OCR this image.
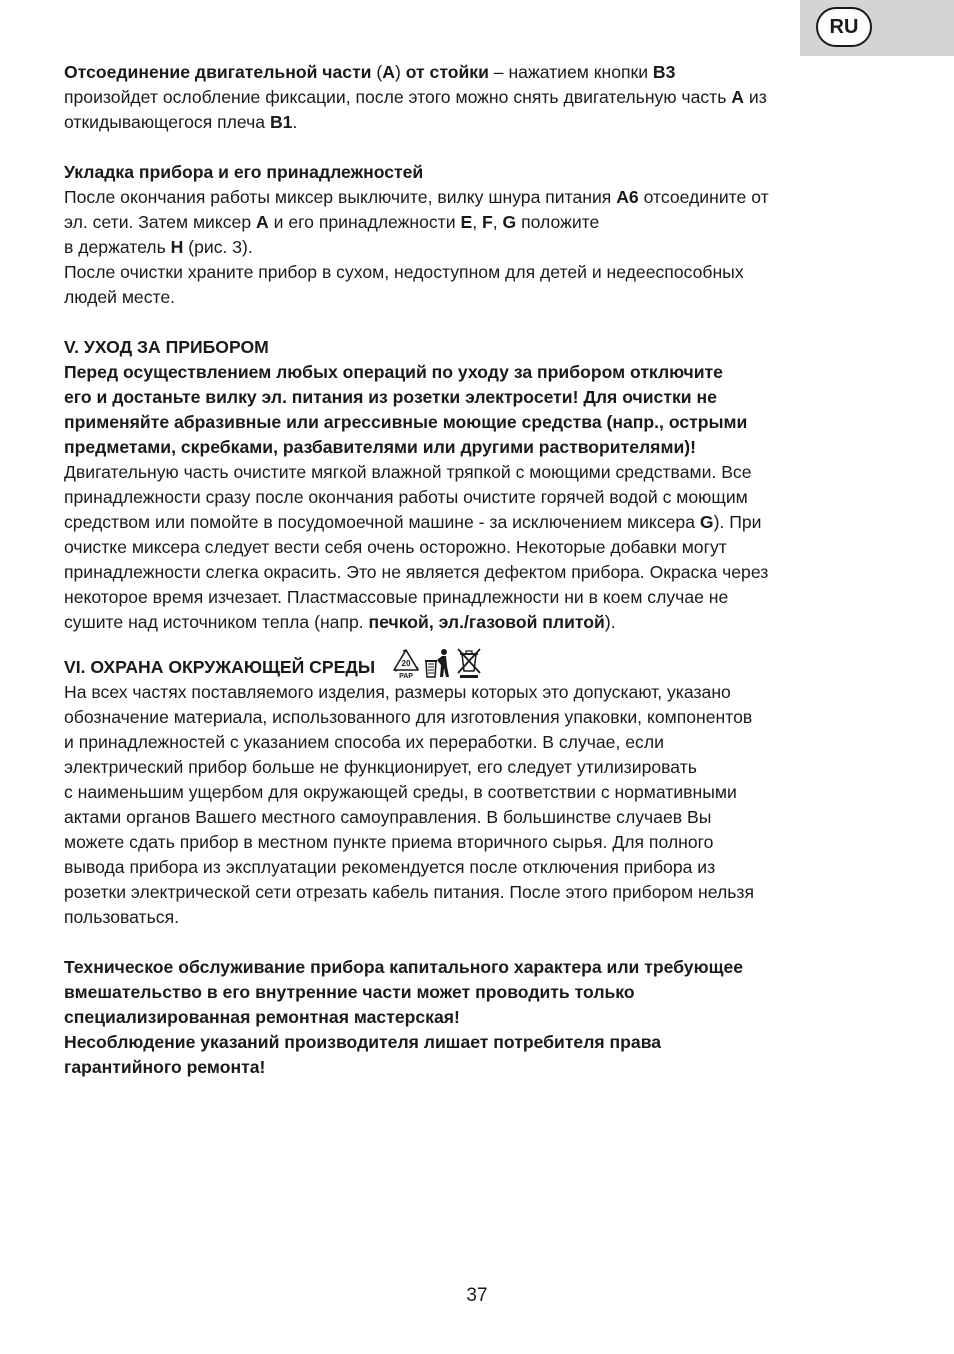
RU

Отсоединение двигательной части (A) от стойки – нажатием кнопки B3

произойдет ослобление фиксации, после этого можно снять двигательную часть A из

откидывающегося плеча B1.

Укладка прибора и его принадлежностей

После окончания работы миксер выключите, вилку шнура питания A6 отсоедините от

эл. сети. Затем миксер A и его принадлежности E, F, G положите

в держатель H (рис. 3).

После очистки храните прибор в сухом, недоступном для детей и недееспособных

людей месте.

V. УХОД ЗА ПРИБОРОМ

Перед осуществлением любых операций по уходу за прибором отключите

его и достаньте вилку эл. питания из розетки электросети! Для очистки не

применяйте абразивные или агрессивные моющие средства (напр., острыми

предметами, скребками, разбавителями или другими растворителями)!

Двигательную часть очистите мягкой влажной тряпкой с моющими средствами. Все

принадлежности сразу после окончания работы очистите горячей водой с моющим

средством или помойте в посудомоечной машине - за исключением миксера G). При

очистке миксера следует вести себя очень осторожно. Некоторые добавки могут

принадлежности слегка окрасить. Это не является дефектом прибора. Окраска через

некоторое время изчезает. Пластмассовые принадлежности ни в коем случае не

сушите над источником тепла (напр. печкой, эл./газовой плитой).

VI. ОХРАНА ОКРУЖАЮЩЕЙ СРЕДЫ	20
PAP

На всех частях поставляемого изделия, размеры которых это допускают, указано

обозначение материала, использованного для изготовления упаковки, компонентов

и принадлежностей с указанием способа их переработки. В случае, если

электрический прибор больше не функционирует, его следует утилизировать

с наименьшим ущербом для окружающей среды, в соответствии с нормативными

актами органов Вашего местного самоуправления. В большинстве случаев Вы

можете сдать прибор в местном пункте приема вторичного сырья. Для полного

вывода прибора из эксплуатации рекомендуется после отключения прибора из

розетки электрической сети отрезать кабель питания. После этого прибором нельзя

пользоваться.

Техническое обслуживание прибора капитального характера или требующее

вмешательство в его внутренние части может проводить только

специализированная ремонтная мастерская!

Несоблюдение указаний производителя лишает потребителя права

гарантийного ремонта!

37
